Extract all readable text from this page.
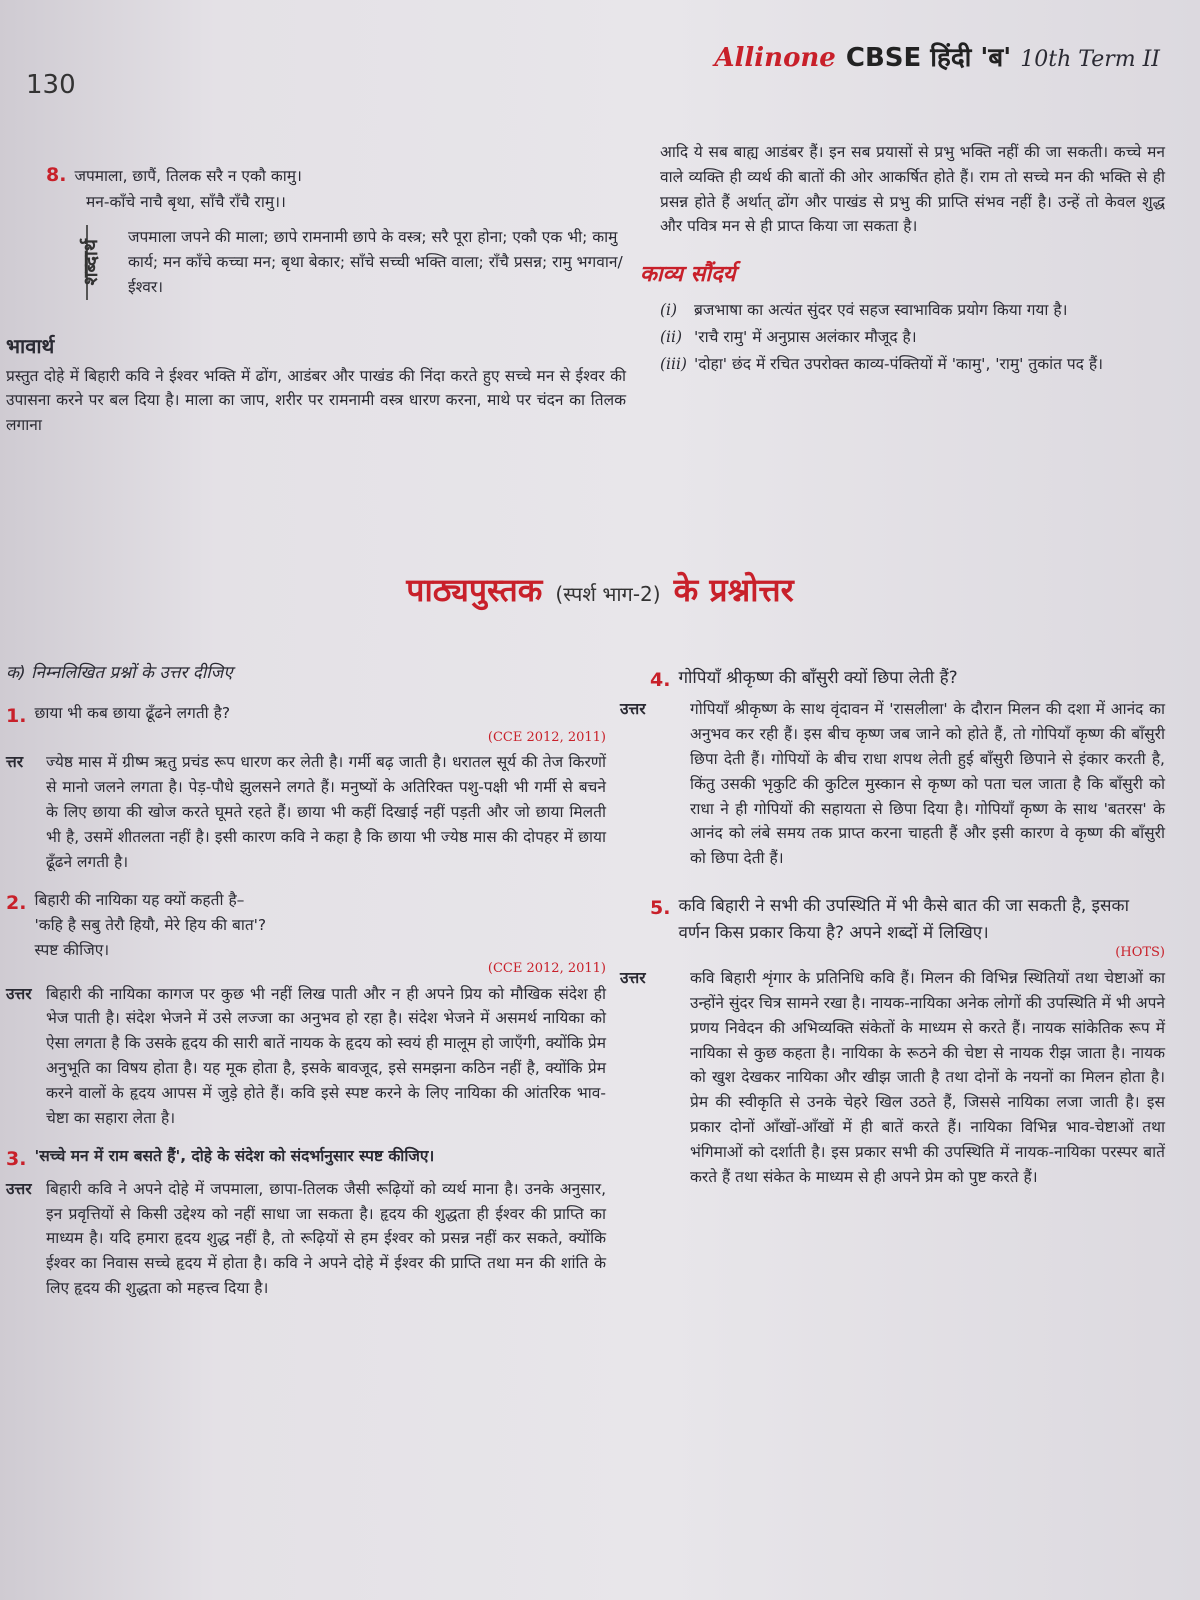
130
Allinone CBSE हिंदी 'ब' 10th Term II
8. जपमाला, छापैं, तिलक सरै न एकौ कामु।
मन-काँचे नाचै बृथा, साँचै राँचै रामु।।
शब्दार्थ
जपमाला जपने की माला; छापे रामनामी छापे के वस्त्र; सरै पूरा होना; एकौ एक भी; कामु कार्य; मन काँचे कच्चा मन; बृथा बेकार; साँचे सच्ची भक्ति वाला; राँचै प्रसन्न; रामु भगवान/ ईश्वर।
भावार्थ

प्रस्तुत दोहे में बिहारी कवि ने ईश्वर भक्ति में ढोंग, आडंबर और पाखंड की निंदा करते हुए सच्चे मन से ईश्वर की उपासना करने पर बल दिया है। माला का जाप, शरीर पर रामनामी वस्त्र धारण करना, माथे पर चंदन का तिलक लगाना

आदि ये सब बाह्य आडंबर हैं। इन सब प्रयासों से प्रभु भक्ति नहीं की जा सकती। कच्चे मन वाले व्यक्ति ही व्यर्थ की बातों की ओर आकर्षित होते हैं। राम तो सच्चे मन की भक्ति से ही प्रसन्न होते हैं अर्थात् ढोंग और पाखंड से प्रभु की प्राप्ति संभव नहीं है। उन्हें तो केवल शुद्ध और पवित्र मन से ही प्राप्त किया जा सकता है।

काव्य सौंदर्य
(i)	ब्रजभाषा का अत्यंत सुंदर एवं सहज स्वाभाविक प्रयोग किया गया है।
(ii) 'राचै रामु' में अनुप्रास अलंकार मौजूद है।
(iii) 'दोहा' छंद में रचित उपरोक्त काव्य-पंक्तियों में 'कामु', 'रामु' तुकांत पद हैं।
पाठ्यपुस्तक (स्पर्श भाग-2) के प्रश्नोत्तर
क) निम्नलिखित प्रश्नों के उत्तर दीजिए
1. छाया भी कब छाया ढूँढने लगती है?
(CCE 2012, 2011)
त्तर	ज्येष्ठ मास में ग्रीष्म ऋतु प्रचंड रूप धारण कर लेती है। गर्मी बढ़ जाती है। धरातल सूर्य की तेज किरणों से मानो जलने लगता है। पेड़-पौधे झुलसने लगते हैं। मनुष्यों के अतिरिक्त पशु-पक्षी भी गर्मी से बचने के लिए छाया की खोज करते घूमते रहते हैं। छाया भी कहीं दिखाई नहीं पड़ती और जो छाया मिलती भी है, उसमें शीतलता नहीं है। इसी कारण कवि ने कहा है कि छाया भी ज्येष्ठ मास की दोपहर में छाया ढूँढने लगती है।
2. बिहारी की नायिका यह क्यों कहती है–
'कहि है सबु तेरौ हियौ, मेरे हिय की बात'?
स्पष्ट कीजिए।
(CCE 2012, 2011)
उत्तर बिहारी की नायिका कागज पर कुछ भी नहीं लिख पाती और न ही अपने प्रिय को मौखिक संदेश ही भेज पाती है। संदेश भेजने में उसे लज्जा का अनुभव हो रहा है। संदेश भेजने में असमर्थ नायिका को ऐसा लगता है कि उसके हृदय की सारी बातें नायक के हृदय को स्वयं ही मालूम हो जाएँगी, क्योंकि प्रेम अनुभूति का विषय होता है। यह मूक होता है, इसके बावजूद, इसे समझना कठिन नहीं है, क्योंकि प्रेम करने वालों के हृदय आपस में जुड़े होते हैं। कवि इसे स्पष्ट करने के लिए नायिका की आंतरिक भाव-चेष्टा का सहारा लेता है।
3. 'सच्चे मन में राम बसते हैं', दोहे के संदेश को संदर्भानुसार स्पष्ट कीजिए।
उत्तर बिहारी कवि ने अपने दोहे में जपमाला, छापा-तिलक जैसी रूढ़ियों को व्यर्थ माना है। उनके अनुसार, इन प्रवृत्तियों से किसी उद्देश्य को नहीं साधा जा सकता है। हृदय की शुद्धता ही ईश्वर की प्राप्ति का माध्यम है। यदि हमारा हृदय शुद्ध नहीं है, तो रूढ़ियों से हम ईश्वर को प्रसन्न नहीं कर सकते, क्योंकि ईश्वर का निवास सच्चे हृदय में होता है। कवि ने अपने दोहे में ईश्वर की प्राप्ति तथा मन की शांति के लिए हृदय की शुद्धता को महत्त्व दिया है।
4. गोपियाँ श्रीकृष्ण की बाँसुरी क्यों छिपा लेती हैं?
उत्तर	गोपियाँ श्रीकृष्ण के साथ वृंदावन में 'रासलीला' के दौरान मिलन की दशा में आनंद का अनुभव कर रही हैं। इस बीच कृष्ण जब जाने को होते हैं, तो गोपियाँ कृष्ण की बाँसुरी छिपा देती हैं। गोपियों के बीच राधा शपथ लेती हुई बाँसुरी छिपाने से इंकार करती है, किंतु उसकी भृकुटि की कुटिल मुस्कान से कृष्ण को पता चल जाता है कि बाँसुरी को राधा ने ही गोपियों की सहायता से छिपा दिया है। गोपियाँ कृष्ण के साथ 'बतरस' के आनंद को लंबे समय तक प्राप्त करना चाहती हैं और इसी कारण वे कृष्ण की बाँसुरी को छिपा देती हैं।
5. कवि बिहारी ने सभी की उपस्थिति में भी कैसे बात की जा सकती है, इसका वर्णन किस प्रकार किया है? अपने शब्दों में लिखिए।
(HOTS)
उत्तर	कवि बिहारी शृंगार के प्रतिनिधि कवि हैं। मिलन की विभिन्न स्थितियों तथा चेष्टाओं का उन्होंने सुंदर चित्र सामने रखा है। नायक-नायिका अनेक लोगों की उपस्थिति में भी अपने प्रणय निवेदन की अभिव्यक्ति संकेतों के माध्यम से करते हैं। नायक सांकेतिक रूप में नायिका से कुछ कहता है। नायिका के रूठने की चेष्टा से नायक रीझ जाता है। नायक को खुश देखकर नायिका और खीझ जाती है तथा दोनों के नयनों का मिलन होता है। प्रेम की स्वीकृति से उनके चेहरे खिल उठते हैं, जिससे नायिका लजा जाती है। इस प्रकार दोनों आँखों-आँखों में ही बातें करते हैं। नायिका विभिन्न भाव-चेष्टाओं तथा भंगिमाओं को दर्शाती है। इस प्रकार सभी की उपस्थिति में नायक-नायिका परस्पर बातें करते हैं तथा संकेत के माध्यम से ही अपने प्रेम को पुष्ट करते हैं।
